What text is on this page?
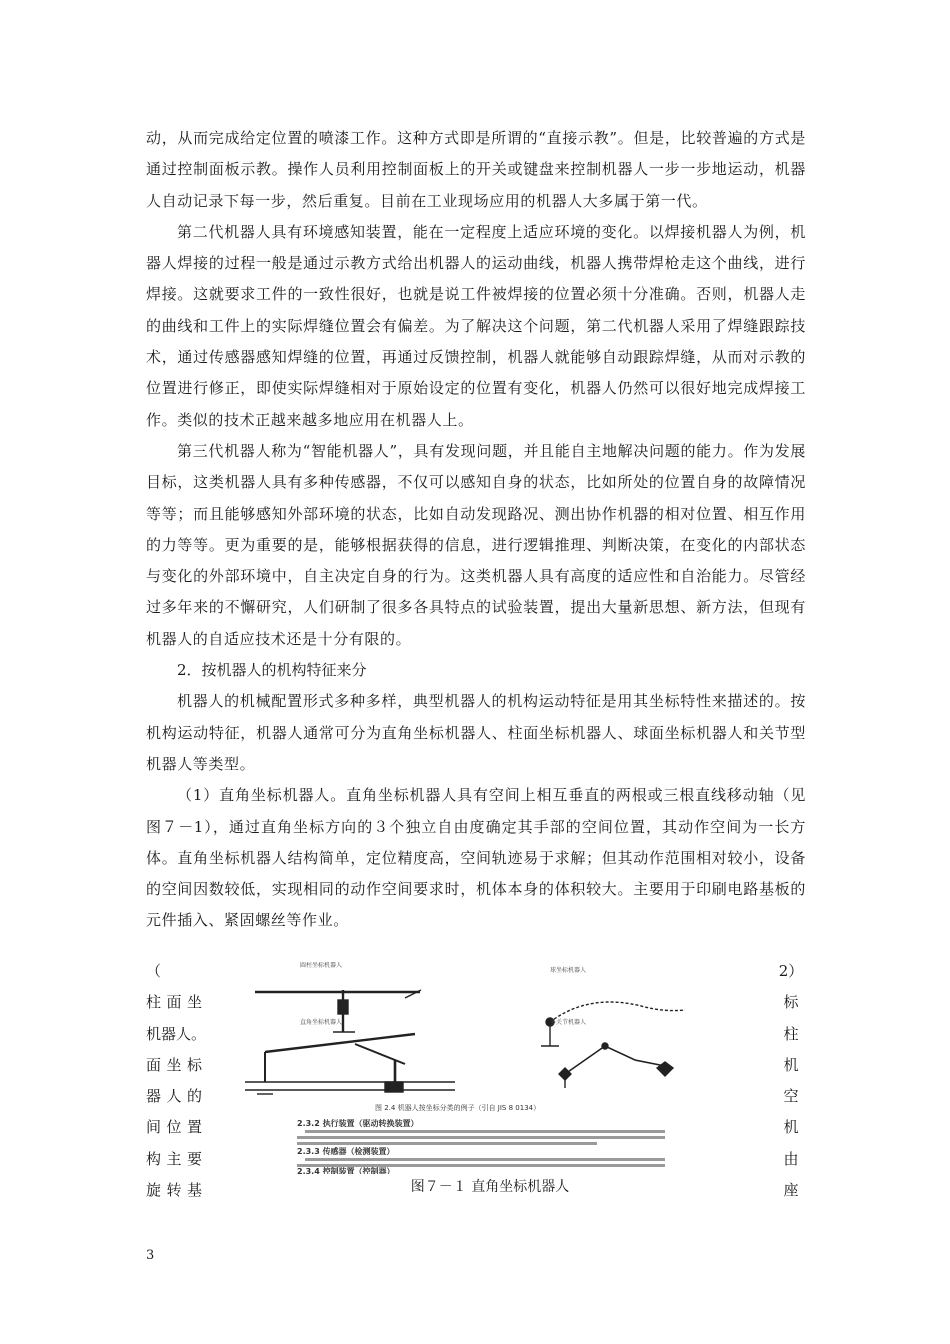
动，从而完成给定位置的喷漆工作。这种方式即是所谓的“直接示教”。但是，比较普遍的方式是通过控制面板示教。操作人员利用控制面板上的开关或键盘来控制机器人一步一步地运动，机器人自动记录下每一步，然后重复。目前在工业现场应用的机器人大多属于第一代。

第二代机器人具有环境感知装置，能在一定程度上适应环境的变化。以焊接机器人为例，机器人焊接的过程一般是通过示教方式给出机器人的运动曲线，机器人携带焊枪走这个曲线，进行焊接。这就要求工件的一致性很好，也就是说工件被焊接的位置必须十分准确。否则，机器人走的曲线和工件上的实际焊缝位置会有偏差。为了解决这个问题，第二代机器人采用了焊缝跟踪技术，通过传感器感知焊缝的位置，再通过反馈控制，机器人就能够自动跟踪焊缝，从而对示教的位置进行修正，即使实际焊缝相对于原始设定的位置有变化，机器人仍然可以很好地完成焊接工作。类似的技术正越来越多地应用在机器人上。

第三代机器人称为“智能机器人”，具有发现问题，并且能自主地解决问题的能力。作为发展目标，这类机器人具有多种传感器，不仅可以感知自身的状态，比如所处的位置自身的故障情况等等；而且能够感知外部环境的状态，比如自动发现路况、测出协作机器的相对位置、相互作用的力等等。更为重要的是，能够根据获得的信息，进行逻辑推理、判断决策，在变化的内部状态与变化的外部环境中，自主决定自身的行为。这类机器人具有高度的适应性和自治能力。尽管经过多年来的不懈研究，人们研制了很多各具特点的试验装置，提出大量新思想、新方法，但现有机器人的自适应技术还是十分有限的。

2．按机器人的机构特征来分

机器人的机械配置形式多种多样，典型机器人的机构运动特征是用其坐标特性来描述的。按机构运动特征，机器人通常可分为直角坐标机器人、柱面坐标机器人、球面坐标机器人和关节型机器人等类型。

（1）直角坐标机器人。直角坐标机器人具有空间上相互垂直的两根或三根直线移动轴（见图７－1），通过直角坐标方向的３个独立自由度确定其手部的空间位置，其动作空间为一长方体。直角坐标机器人结构简单，定位精度高，空间轨迹易于求解；但其动作范围相对较小，设备的空间因数较低，实现相同的动作空间要求时，机体本身的体积较大。主要用于印刷电路基板的元件插入、紧固螺丝等作业。

（
柱面坐
机器人。
面坐标
器人的
间位置
构主要
旋转基
2）
标
柱
机
空
机
由
座
圆柱坐标机器人
球坐标机器人
直角坐标机器人	多关节机器人
图 2.4 机器人按坐标分类的例子（引自 JIS 8 0134）
2.3.2 执行装置（驱动转换装置）
2.3.3 传感器（检测装置）
2.3.4 控制装置（控制器）
图７－１ 直角坐标机器人
3
